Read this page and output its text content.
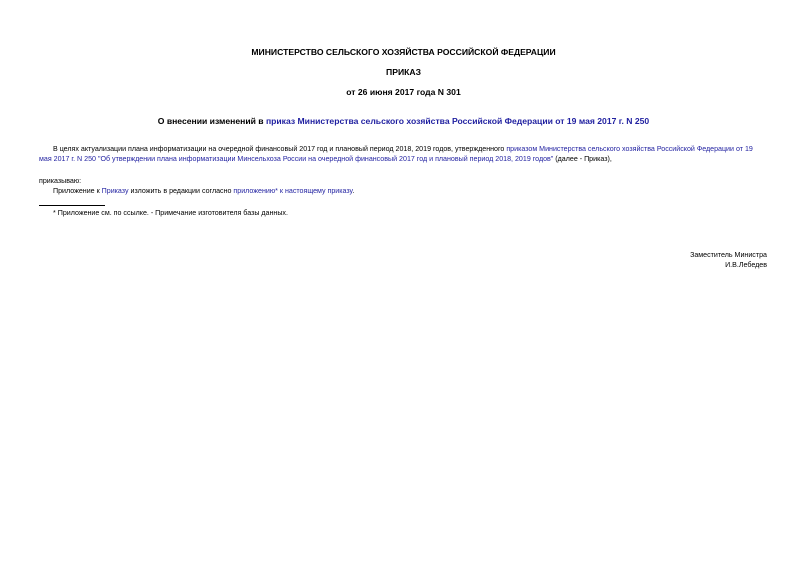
МИНИСТЕРСТВО СЕЛЬСКОГО ХОЗЯЙСТВА РОССИЙСКОЙ ФЕДЕРАЦИИ
ПРИКАЗ
от 26 июня 2017 года N 301
О внесении изменений в приказ Министерства сельского хозяйства Российской Федерации от 19 мая 2017 г. N 250
В целях актуализации плана информатизации на очередной финансовый 2017 год и плановый период 2018, 2019 годов, утвержденного приказом Министерства сельского хозяйства Российской Федерации от 19
мая 2017 г. N 250 "Об утверждении плана информатизации Минсельхоза России на очередной финансовый 2017 год и плановый период 2018, 2019 годов" (далее - Приказ),
приказываю:
Приложение к Приказу изложить в редакции согласно приложению* к настоящему приказу.
* Приложение см. по ссылке. - Примечание изготовителя базы данных.
Заместитель Министра
И.В.Лебедев
